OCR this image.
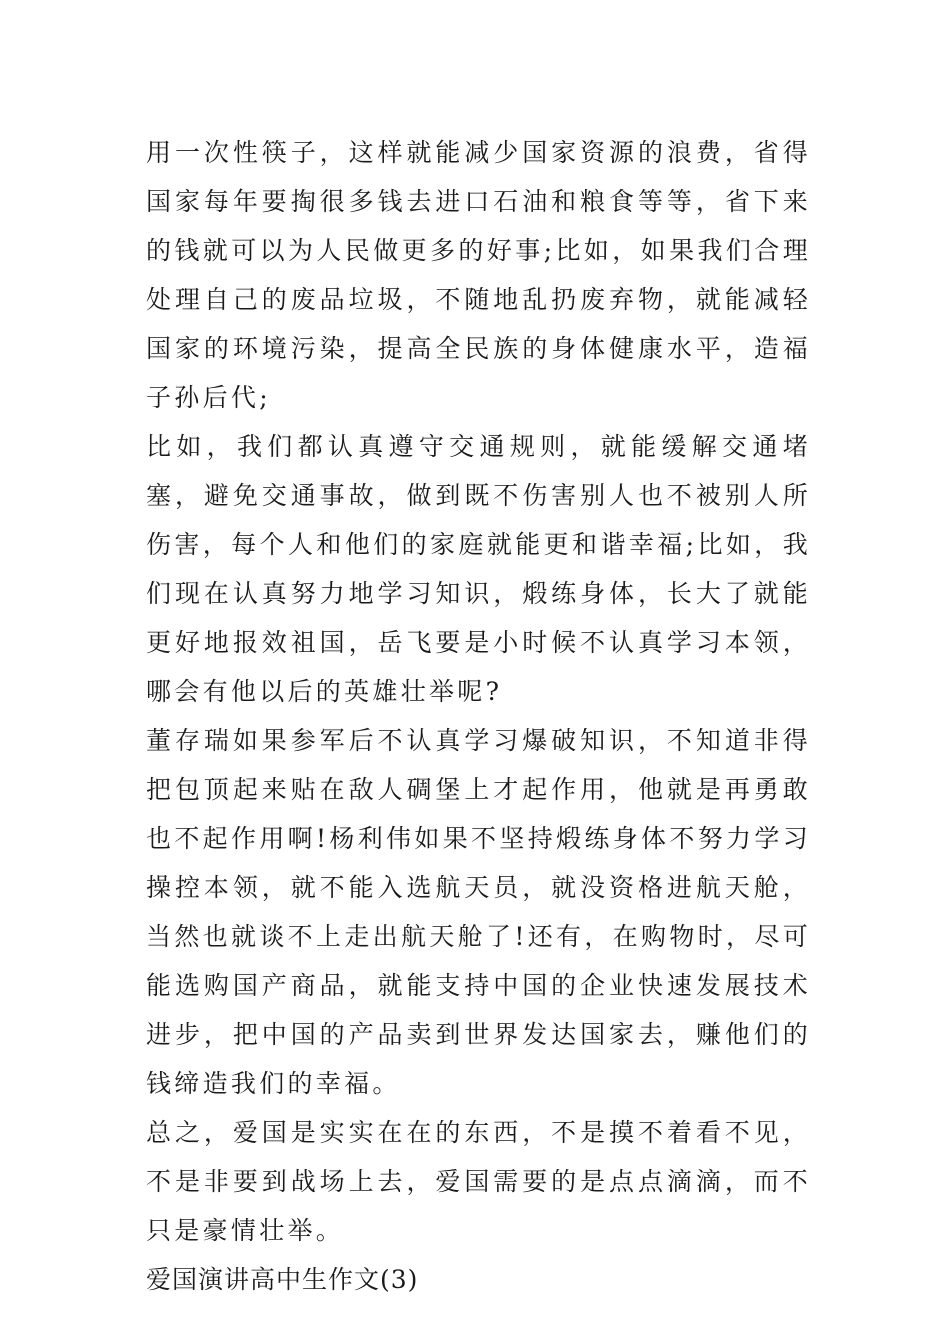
用一次性筷子，这样就能减少国家资源的浪费，省得国家每年要掏很多钱去进口石油和粮食等等，省下来的钱就可以为人民做更多的好事;比如，如果我们合理处理自己的废品垃圾，不随地乱扔废弃物，就能减轻国家的环境污染，提高全民族的身体健康水平，造福子孙后代;

比如，我们都认真遵守交通规则，就能缓解交通堵塞，避免交通事故，做到既不伤害别人也不被别人所伤害，每个人和他们的家庭就能更和谐幸福;比如，我们现在认真努力地学习知识，煅练身体，长大了就能更好地报效祖国，岳飞要是小时候不认真学习本领，哪会有他以后的英雄壮举呢?

董存瑞如果参军后不认真学习爆破知识，不知道非得把包顶起来贴在敌人碉堡上才起作用，他就是再勇敢也不起作用啊!杨利伟如果不坚持煅练身体不努力学习操控本领，就不能入选航天员，就没资格进航天舱，当然也就谈不上走出航天舱了!还有，在购物时，尽可能选购国产商品，就能支持中国的企业快速发展技术进步，把中国的产品卖到世界发达国家去，赚他们的钱缔造我们的幸福。

总之，爱国是实实在在的东西，不是摸不着看不见，不是非要到战场上去，爱国需要的是点点滴滴，而不只是豪情壮举。

爱国演讲高中生作文(3)
